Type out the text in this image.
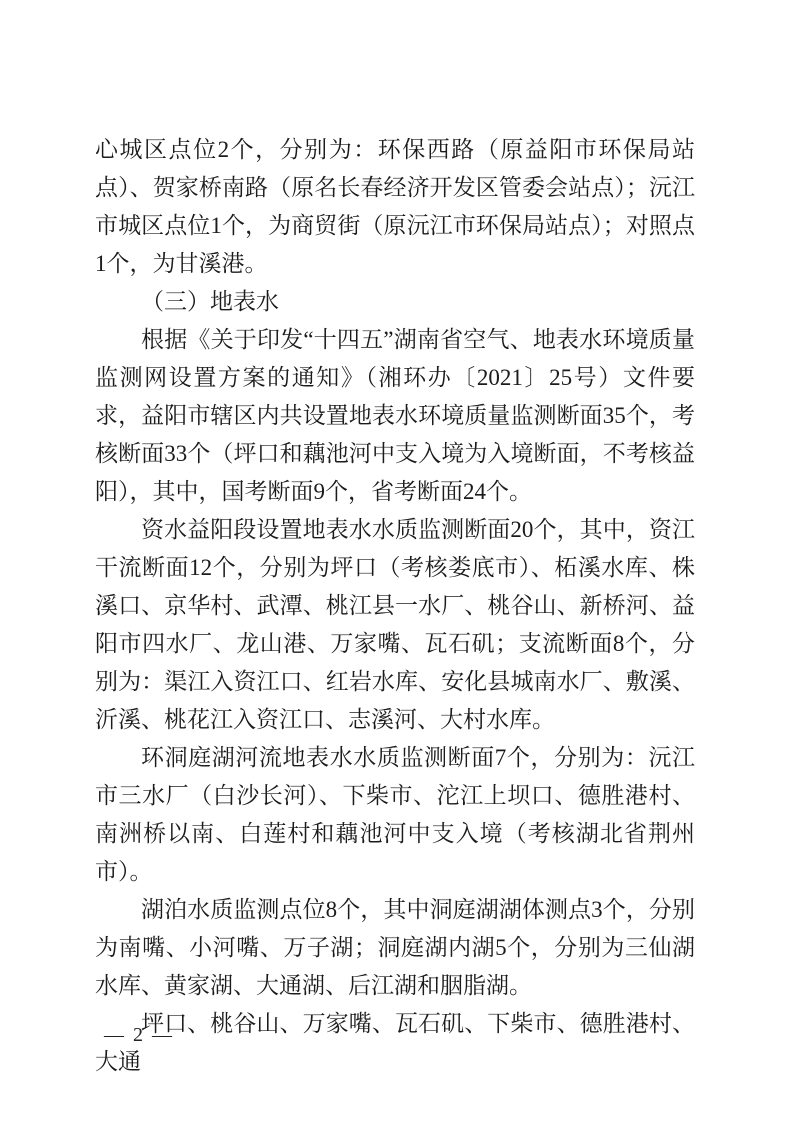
心城区点位2个，分别为：环保西路（原益阳市环保局站点）、贺家桥南路（原名长春经济开发区管委会站点）；沅江市城区点位1个，为商贸街（原沅江市环保局站点）；对照点1个，为甘溪港。

（三）地表水

根据《关于印发“十四五”湖南省空气、地表水环境质量监测网设置方案的通知》（湘环办〔2021〕25号）文件要求，益阳市辖区内共设置地表水环境质量监测断面35个，考核断面33个（坪口和藕池河中支入境为入境断面，不考核益阳），其中，国考断面9个，省考断面24个。

资水益阳段设置地表水水质监测断面20个，其中，资江干流断面12个，分别为坪口（考核娄底市）、柘溪水库、株溪口、京华村、武潭、桃江县一水厂、桃谷山、新桥河、益阳市四水厂、龙山港、万家嘴、瓦石矶；支流断面8个，分别为：渠江入资江口、红岩水库、安化县城南水厂、敷溪、沂溪、桃花江入资江口、志溪河、大村水库。

环洞庭湖河流地表水水质监测断面7个，分别为：沅江市三水厂（白沙长河）、下柴市、沱江上坝口、德胜港村、南洲桥以南、白莲村和藕池河中支入境（考核湖北省荆州市）。

湖泊水质监测点位8个，其中洞庭湖湖体测点3个，分别为南嘴、小河嘴、万子湖；洞庭湖内湖5个，分别为三仙湖水库、黄家湖、大通湖、后江湖和胭脂湖。

坪口、桃谷山、万家嘴、瓦石矶、下柴市、德胜港村、大通

— 2 —
